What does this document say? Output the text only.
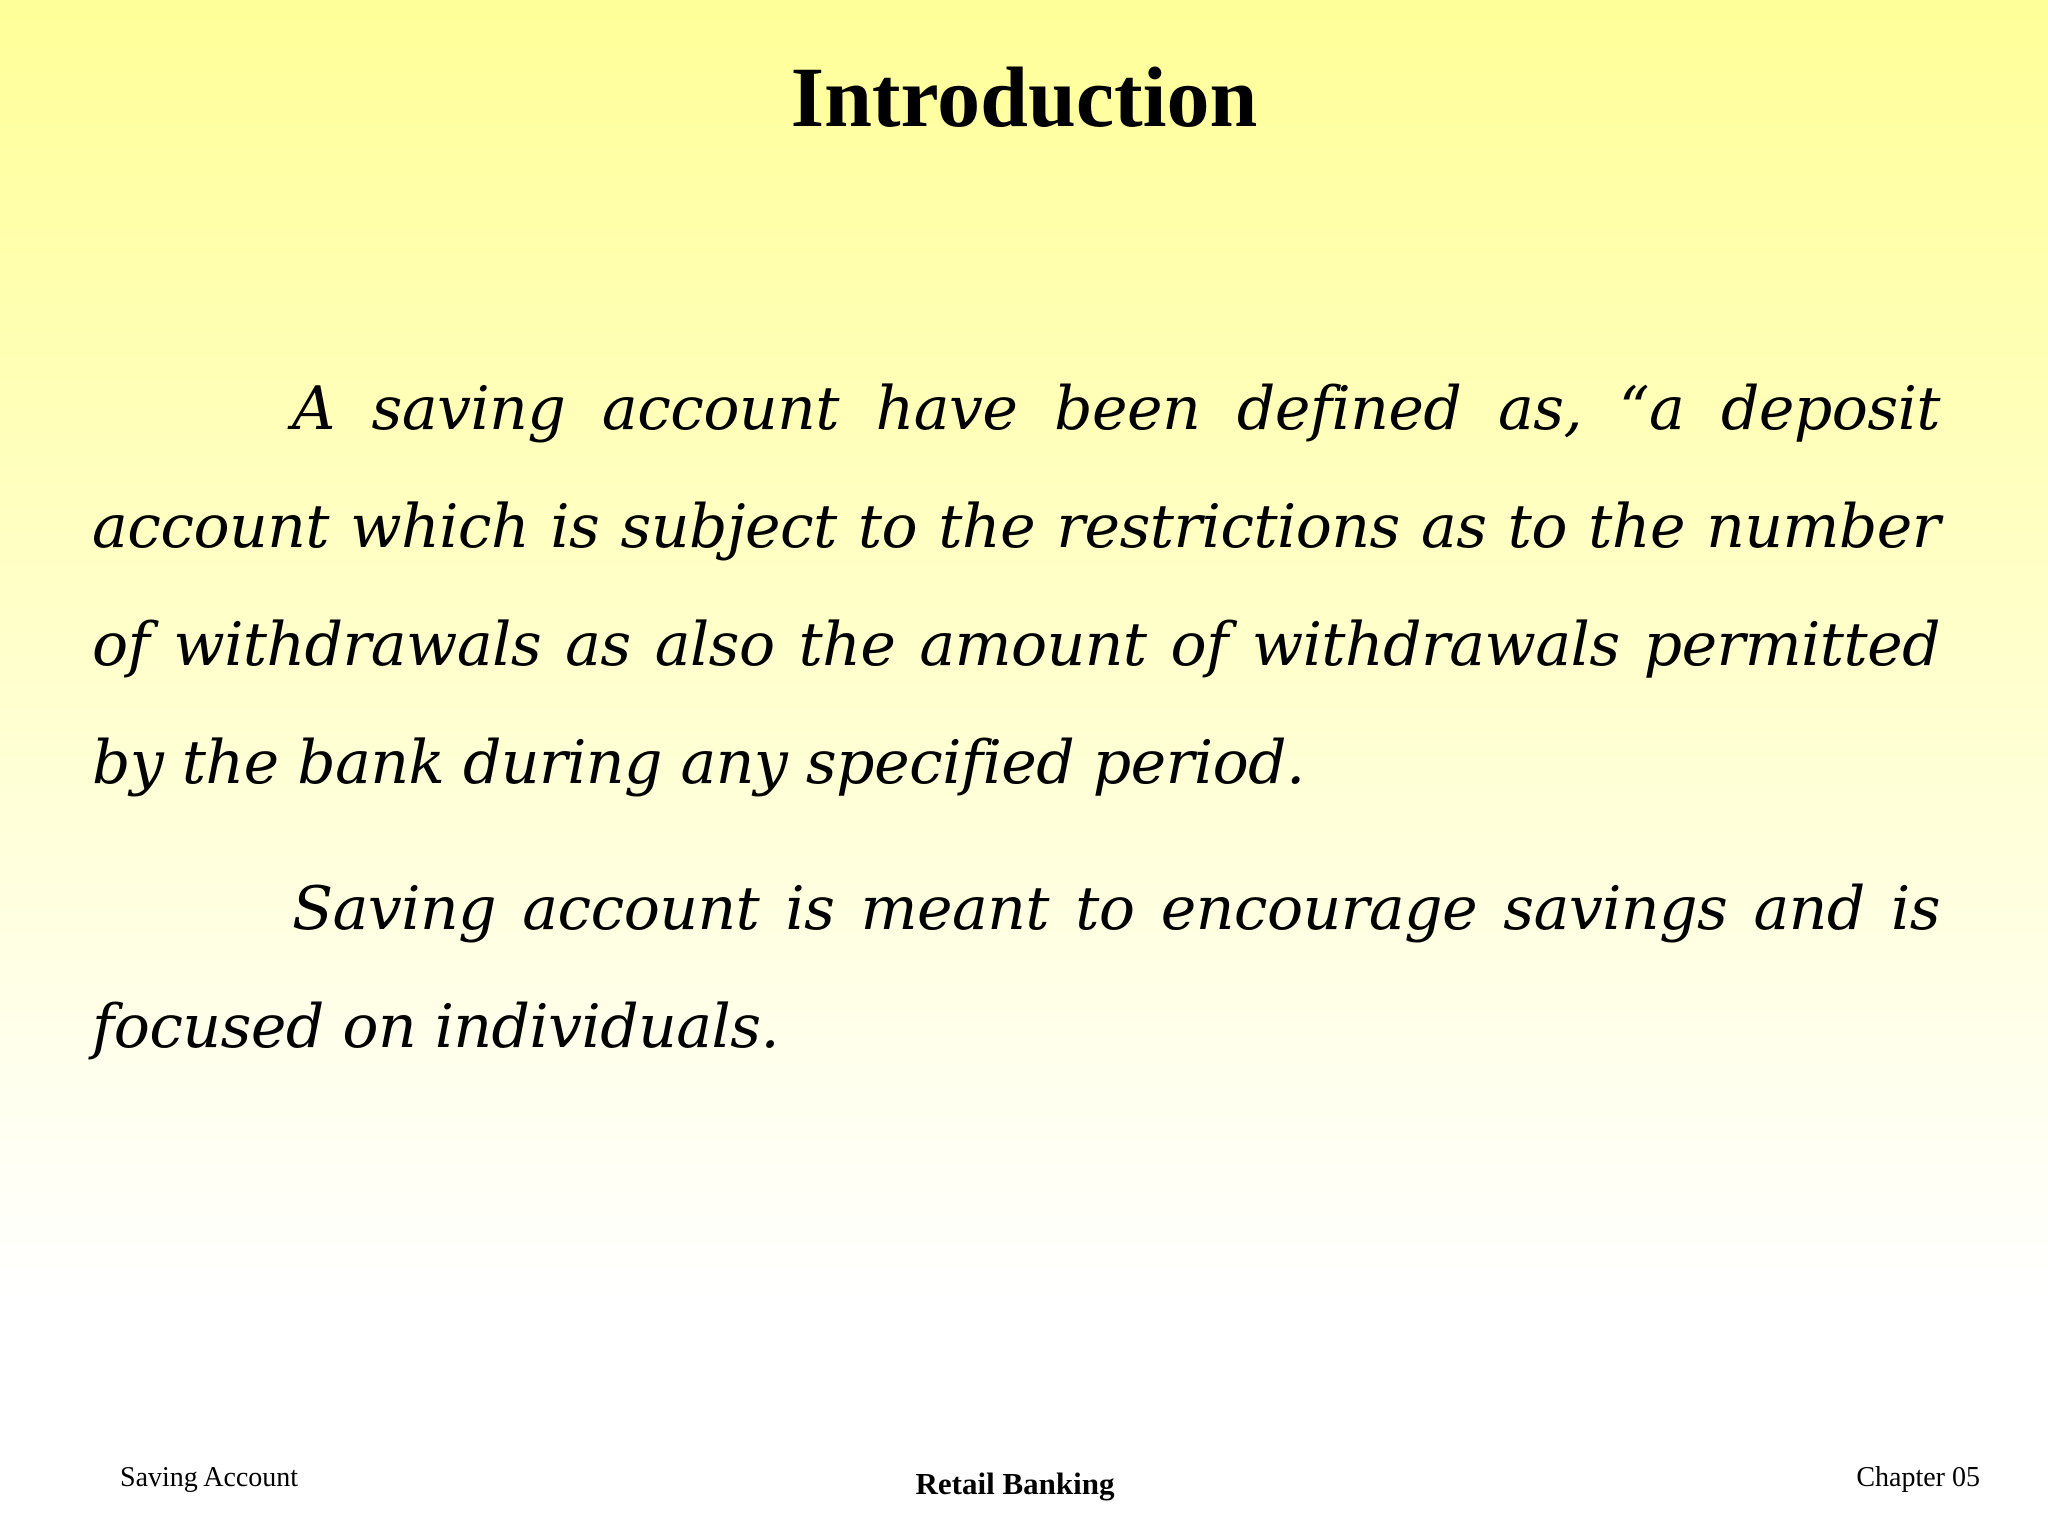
Introduction

A saving account have been defined as, “a deposit account which is subject to the restrictions as to the number of withdrawals as also the amount of withdrawals permitted by the bank during any specified period.

Saving account is meant to encourage savings and is focused on individuals.

Saving Account	Retail Banking	Chapter 05
